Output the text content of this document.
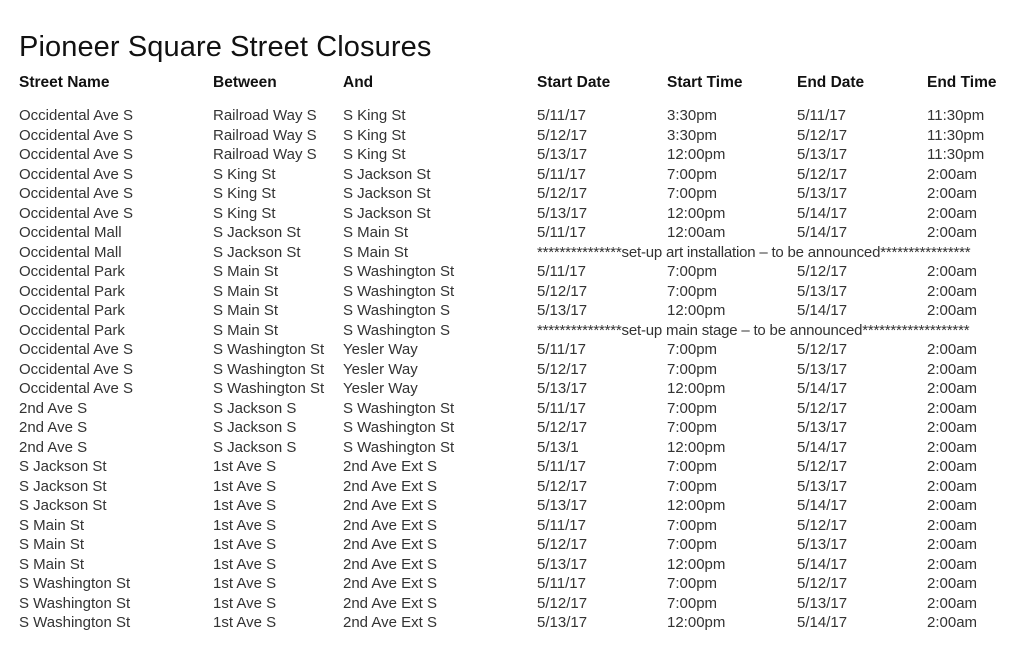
Pioneer Square Street Closures
Street Name	Between	And	Start Date	Start Time	End Date	End Time

Occidental Ave S	Railroad Way S	S King St	5/11/17	3:30pm	5/11/17	11:30pm
Occidental Ave S	Railroad Way S	S King St	5/12/17	3:30pm	5/12/17	11:30pm
Occidental Ave S	Railroad Way S	S King St	5/13/17	12:00pm	5/13/17	11:30pm
Occidental Ave S	S King St	S Jackson St	5/11/17	7:00pm	5/12/17	2:00am
Occidental Ave S	S King St	S Jackson St	5/12/17	7:00pm	5/13/17	2:00am
Occidental Ave S	S King St	S Jackson St	5/13/17	12:00pm	5/14/17	2:00am
Occidental Mall	S Jackson St	S Main St	5/11/17	12:00am	5/14/17	2:00am
Occidental Mall	S Jackson St	S Main St	***************set-up art installation – to be announced****************			
Occidental Park	S Main St	S Washington St	5/11/17	7:00pm	5/12/17	2:00am
Occidental Park	S Main St	S Washington St	5/12/17	7:00pm	5/13/17	2:00am
Occidental Park	S Main St	S Washington S	5/13/17	12:00pm	5/14/17	2:00am
Occidental Park	S Main St	S Washington S	***************set-up main stage – to be announced*******************			
Occidental Ave S	S Washington St	Yesler Way	5/11/17	7:00pm	5/12/17	2:00am
Occidental Ave S	S Washington St	Yesler Way	5/12/17	7:00pm	5/13/17	2:00am
Occidental Ave S	S Washington St	Yesler Way	5/13/17	12:00pm	5/14/17	2:00am
2nd Ave S	S Jackson S	S Washington St	5/11/17	7:00pm	5/12/17	2:00am
2nd Ave S	S Jackson S	S Washington St	5/12/17	7:00pm	5/13/17	2:00am
2nd Ave S	S Jackson S	S Washington St	5/13/1	12:00pm	5/14/17	2:00am
S Jackson St	1st Ave S	2nd Ave Ext S	5/11/17	7:00pm	5/12/17	2:00am
S Jackson St	1st Ave S	2nd Ave Ext S	5/12/17	7:00pm	5/13/17	2:00am
S Jackson St	1st Ave S	2nd Ave Ext S	5/13/17	12:00pm	5/14/17	2:00am
S Main St	1st Ave S	2nd Ave Ext S	5/11/17	7:00pm	5/12/17	2:00am
S Main St	1st Ave S	2nd Ave Ext S	5/12/17	7:00pm	5/13/17	2:00am
S Main St	1st Ave S	2nd Ave Ext S	5/13/17	12:00pm	5/14/17	2:00am
S Washington St	1st Ave S	2nd Ave Ext S	5/11/17	7:00pm	5/12/17	2:00am
S Washington St	1st Ave S	2nd Ave Ext S	5/12/17	7:00pm	5/13/17	2:00am
S Washington St	1st Ave S	2nd Ave Ext S	5/13/17	12:00pm	5/14/17	2:00am
